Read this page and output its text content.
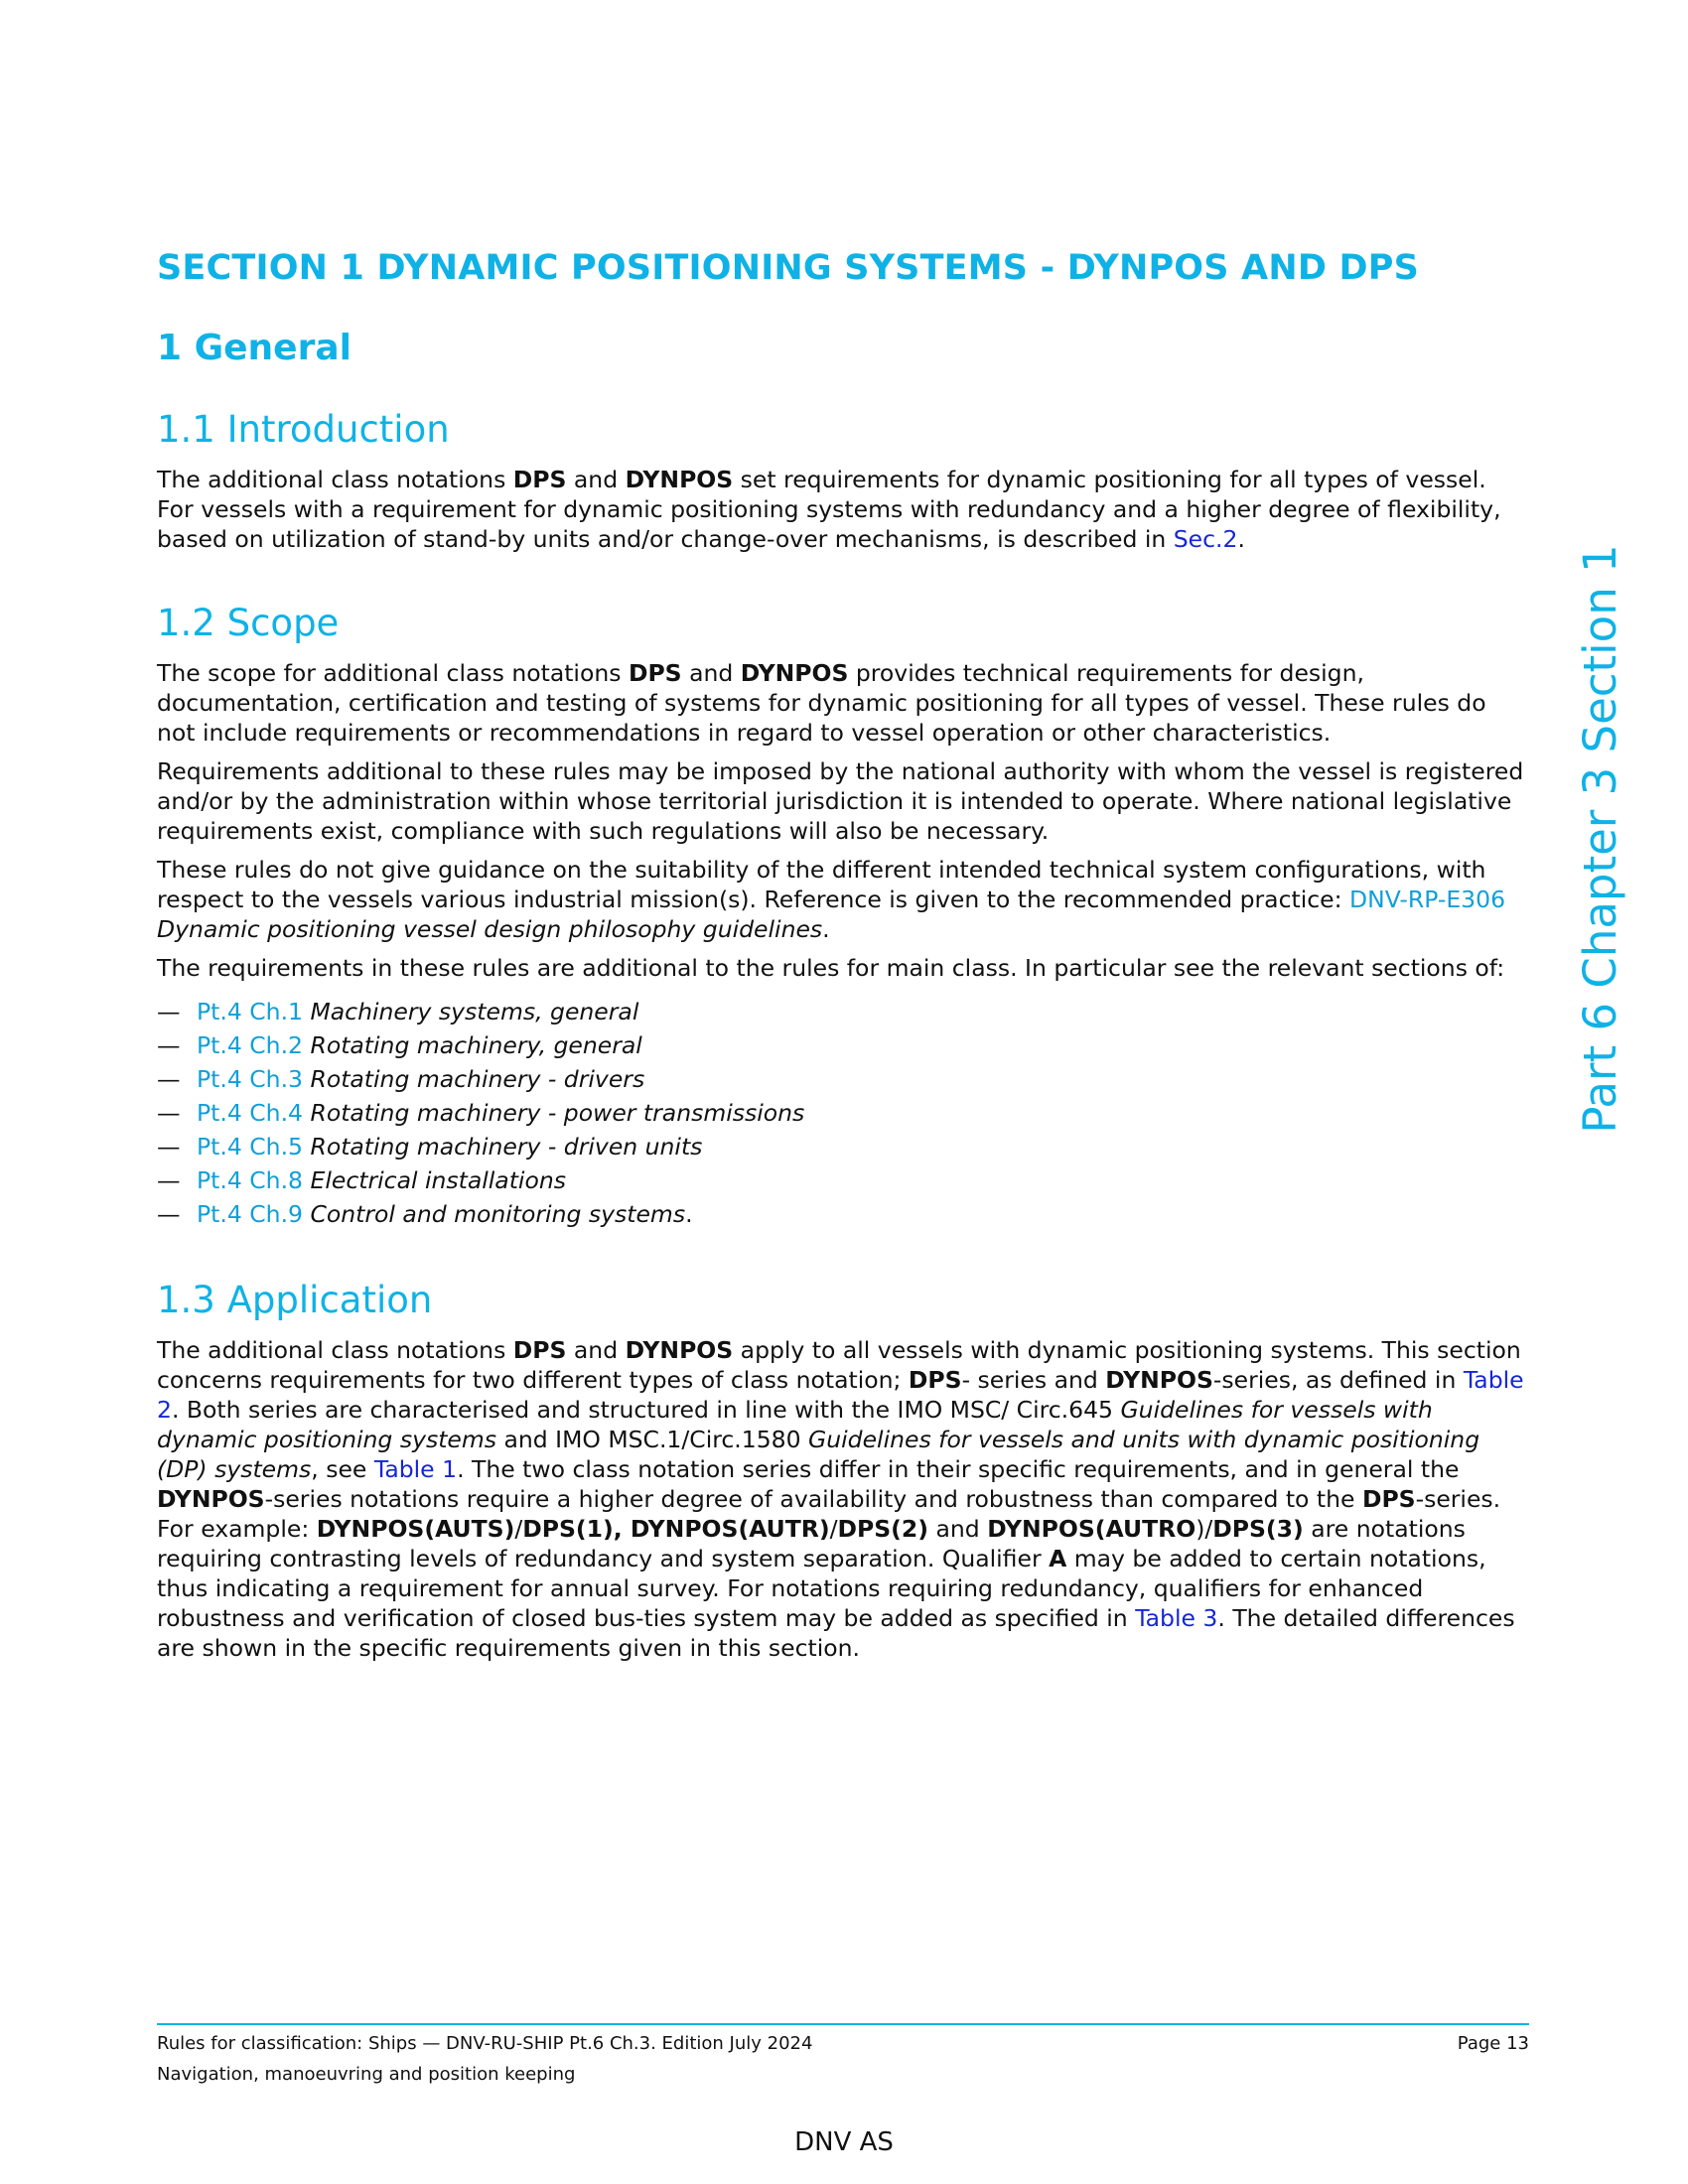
Part 6 Chapter 3 Section 1
SECTION 1 DYNAMIC POSITIONING SYSTEMS - DYNPOS AND DPS
1 General
1.1 Introduction

The additional class notations DPS and DYNPOS set requirements for dynamic positioning for all types of vessel. For vessels with a requirement for dynamic positioning systems with redundancy and a higher degree of flexibility, based on utilization of stand-by units and/or change-over mechanisms, is described in Sec.2.

1.2 Scope

The scope for additional class notations DPS and DYNPOS provides technical requirements for design, documentation, certification and testing of systems for dynamic positioning for all types of vessel. These rules do not include requirements or recommendations in regard to vessel operation or other characteristics.

Requirements additional to these rules may be imposed by the national authority with whom the vessel is registered and/or by the administration within whose territorial jurisdiction it is intended to operate. Where national legislative requirements exist, compliance with such regulations will also be necessary.

These rules do not give guidance on the suitability of the different intended technical system configurations, with respect to the vessels various industrial mission(s). Reference is given to the recommended practice: DNV-RP-E306 Dynamic positioning vessel design philosophy guidelines.

The requirements in these rules are additional to the rules for main class. In particular see the relevant sections of:

— Pt.4 Ch.1 Machinery systems, general
— Pt.4 Ch.2 Rotating machinery, general
— Pt.4 Ch.3 Rotating machinery - drivers
— Pt.4 Ch.4 Rotating machinery - power transmissions
— Pt.4 Ch.5 Rotating machinery - driven units
— Pt.4 Ch.8 Electrical installations
— Pt.4 Ch.9 Control and monitoring systems.
1.3 Application

The additional class notations DPS and DYNPOS apply to all vessels with dynamic positioning systems. This section concerns requirements for two different types of class notation; DPS- series and DYNPOS-series, as defined in Table 2. Both series are characterised and structured in line with the IMO MSC/ Circ.645 Guidelines for vessels with dynamic positioning systems and IMO MSC.1/Circ.1580 Guidelines for vessels and units with dynamic positioning (DP) systems, see Table 1. The two class notation series differ in their specific requirements, and in general the DYNPOS-series notations require a higher degree of availability and robustness than compared to the DPS-series. For example: DYNPOS(AUTS)/DPS(1), DYNPOS(AUTR)/DPS(2) and DYNPOS(AUTRO)/DPS(3) are notations requiring contrasting levels of redundancy and system separation. Qualifier A may be added to certain notations, thus indicating a requirement for annual survey. For notations requiring redundancy, qualifiers for enhanced robustness and verification of closed bus-ties system may be added as specified in Table 3. The detailed differences are shown in the specific requirements given in this section.

Rules for classification: Ships — DNV-RU-SHIP Pt.6 Ch.3. Edition July 2024	Page 13
Navigation, manoeuvring and position keeping
DNV AS
